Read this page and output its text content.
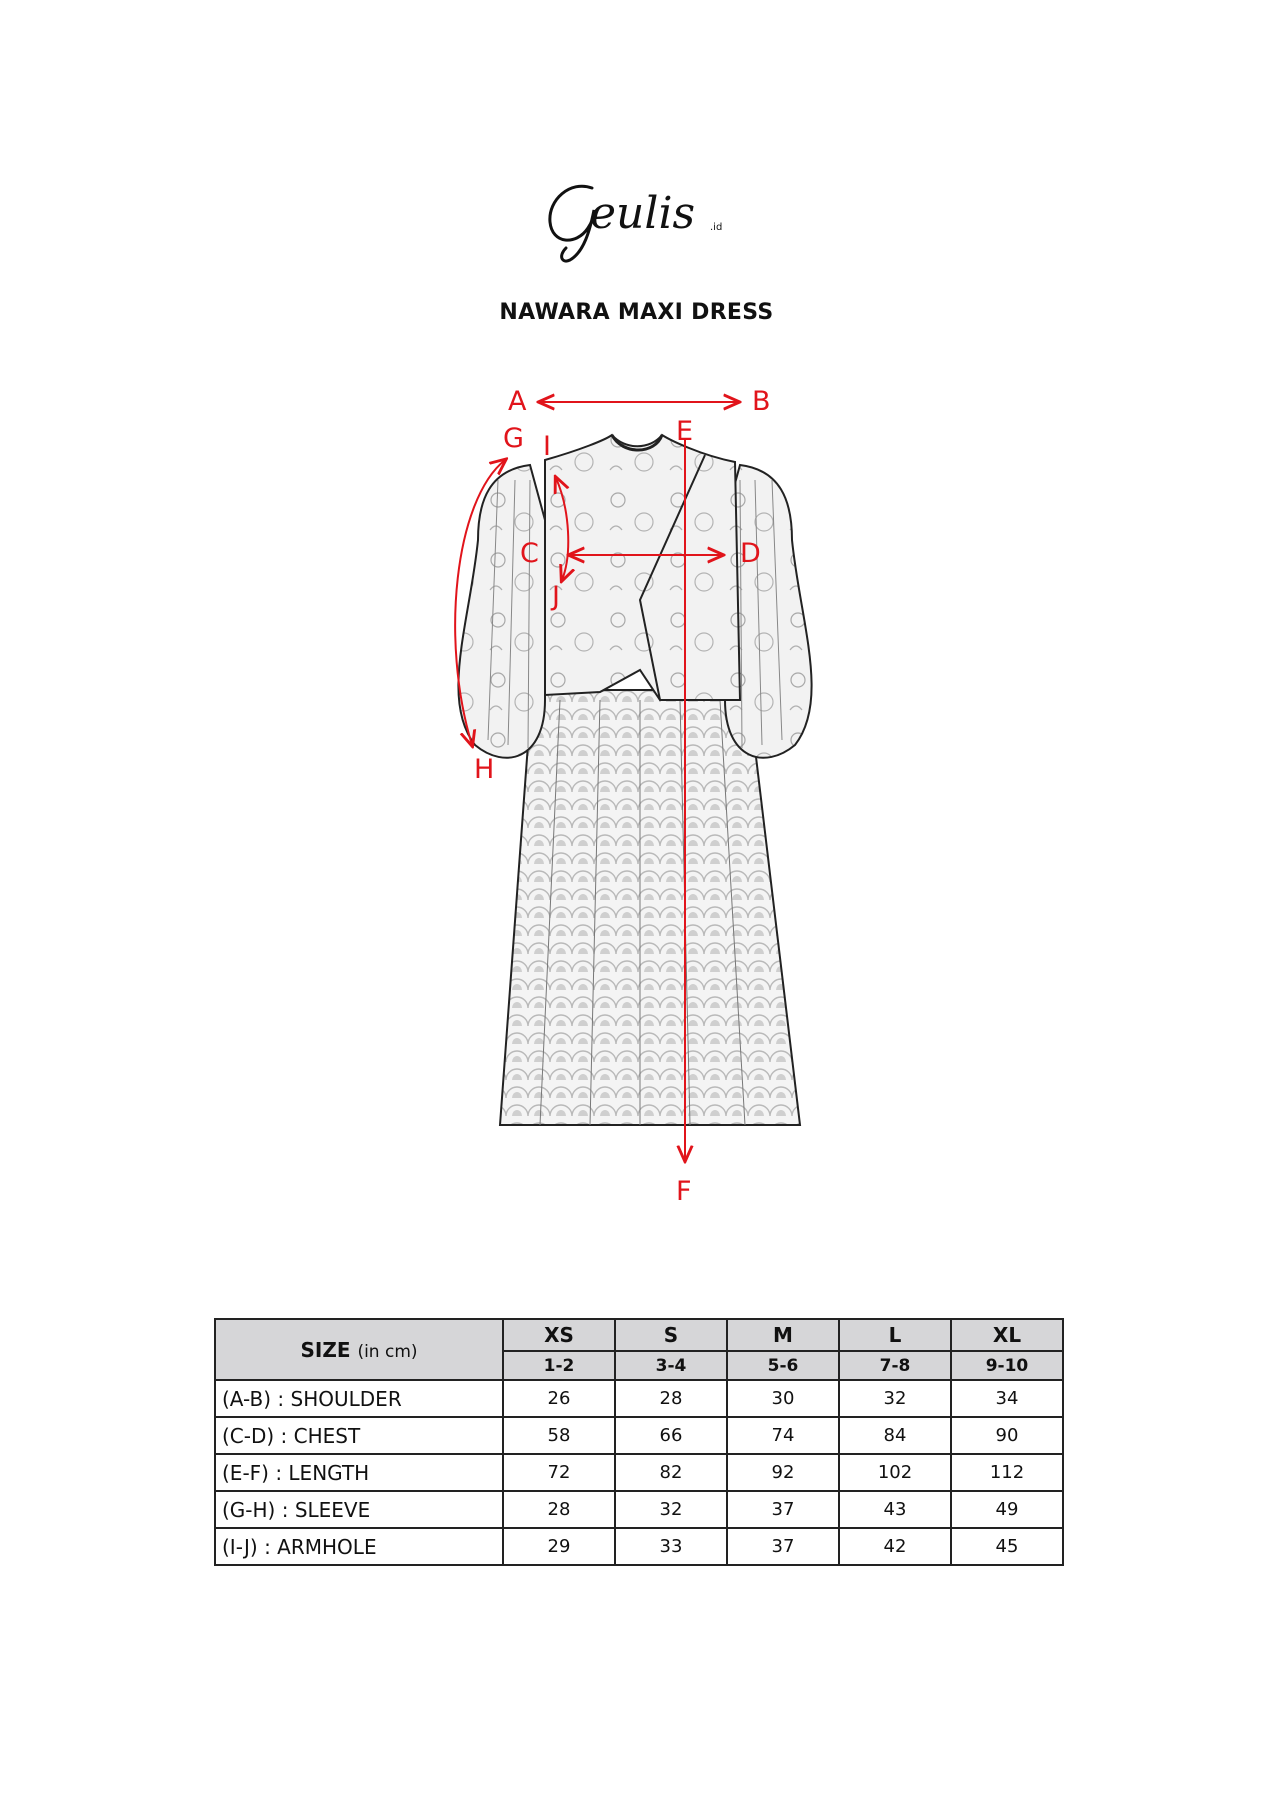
eulis .id
NAWARA MAXI DRESS
A	B
C	D
E
F
G
H
I
J
SIZE (in cm)	XS	S	M	L	XL
	1-2	3-4	5-6	7-8	9-10
(A-B) : SHOULDER	26	28	30	32	34
(C-D) : CHEST	58	66	74	84	90
(E-F) : LENGTH	72	82	92	102	112
(G-H) : SLEEVE	28	32	37	43	49
(I-J) : ARMHOLE	29	33	37	42	45
